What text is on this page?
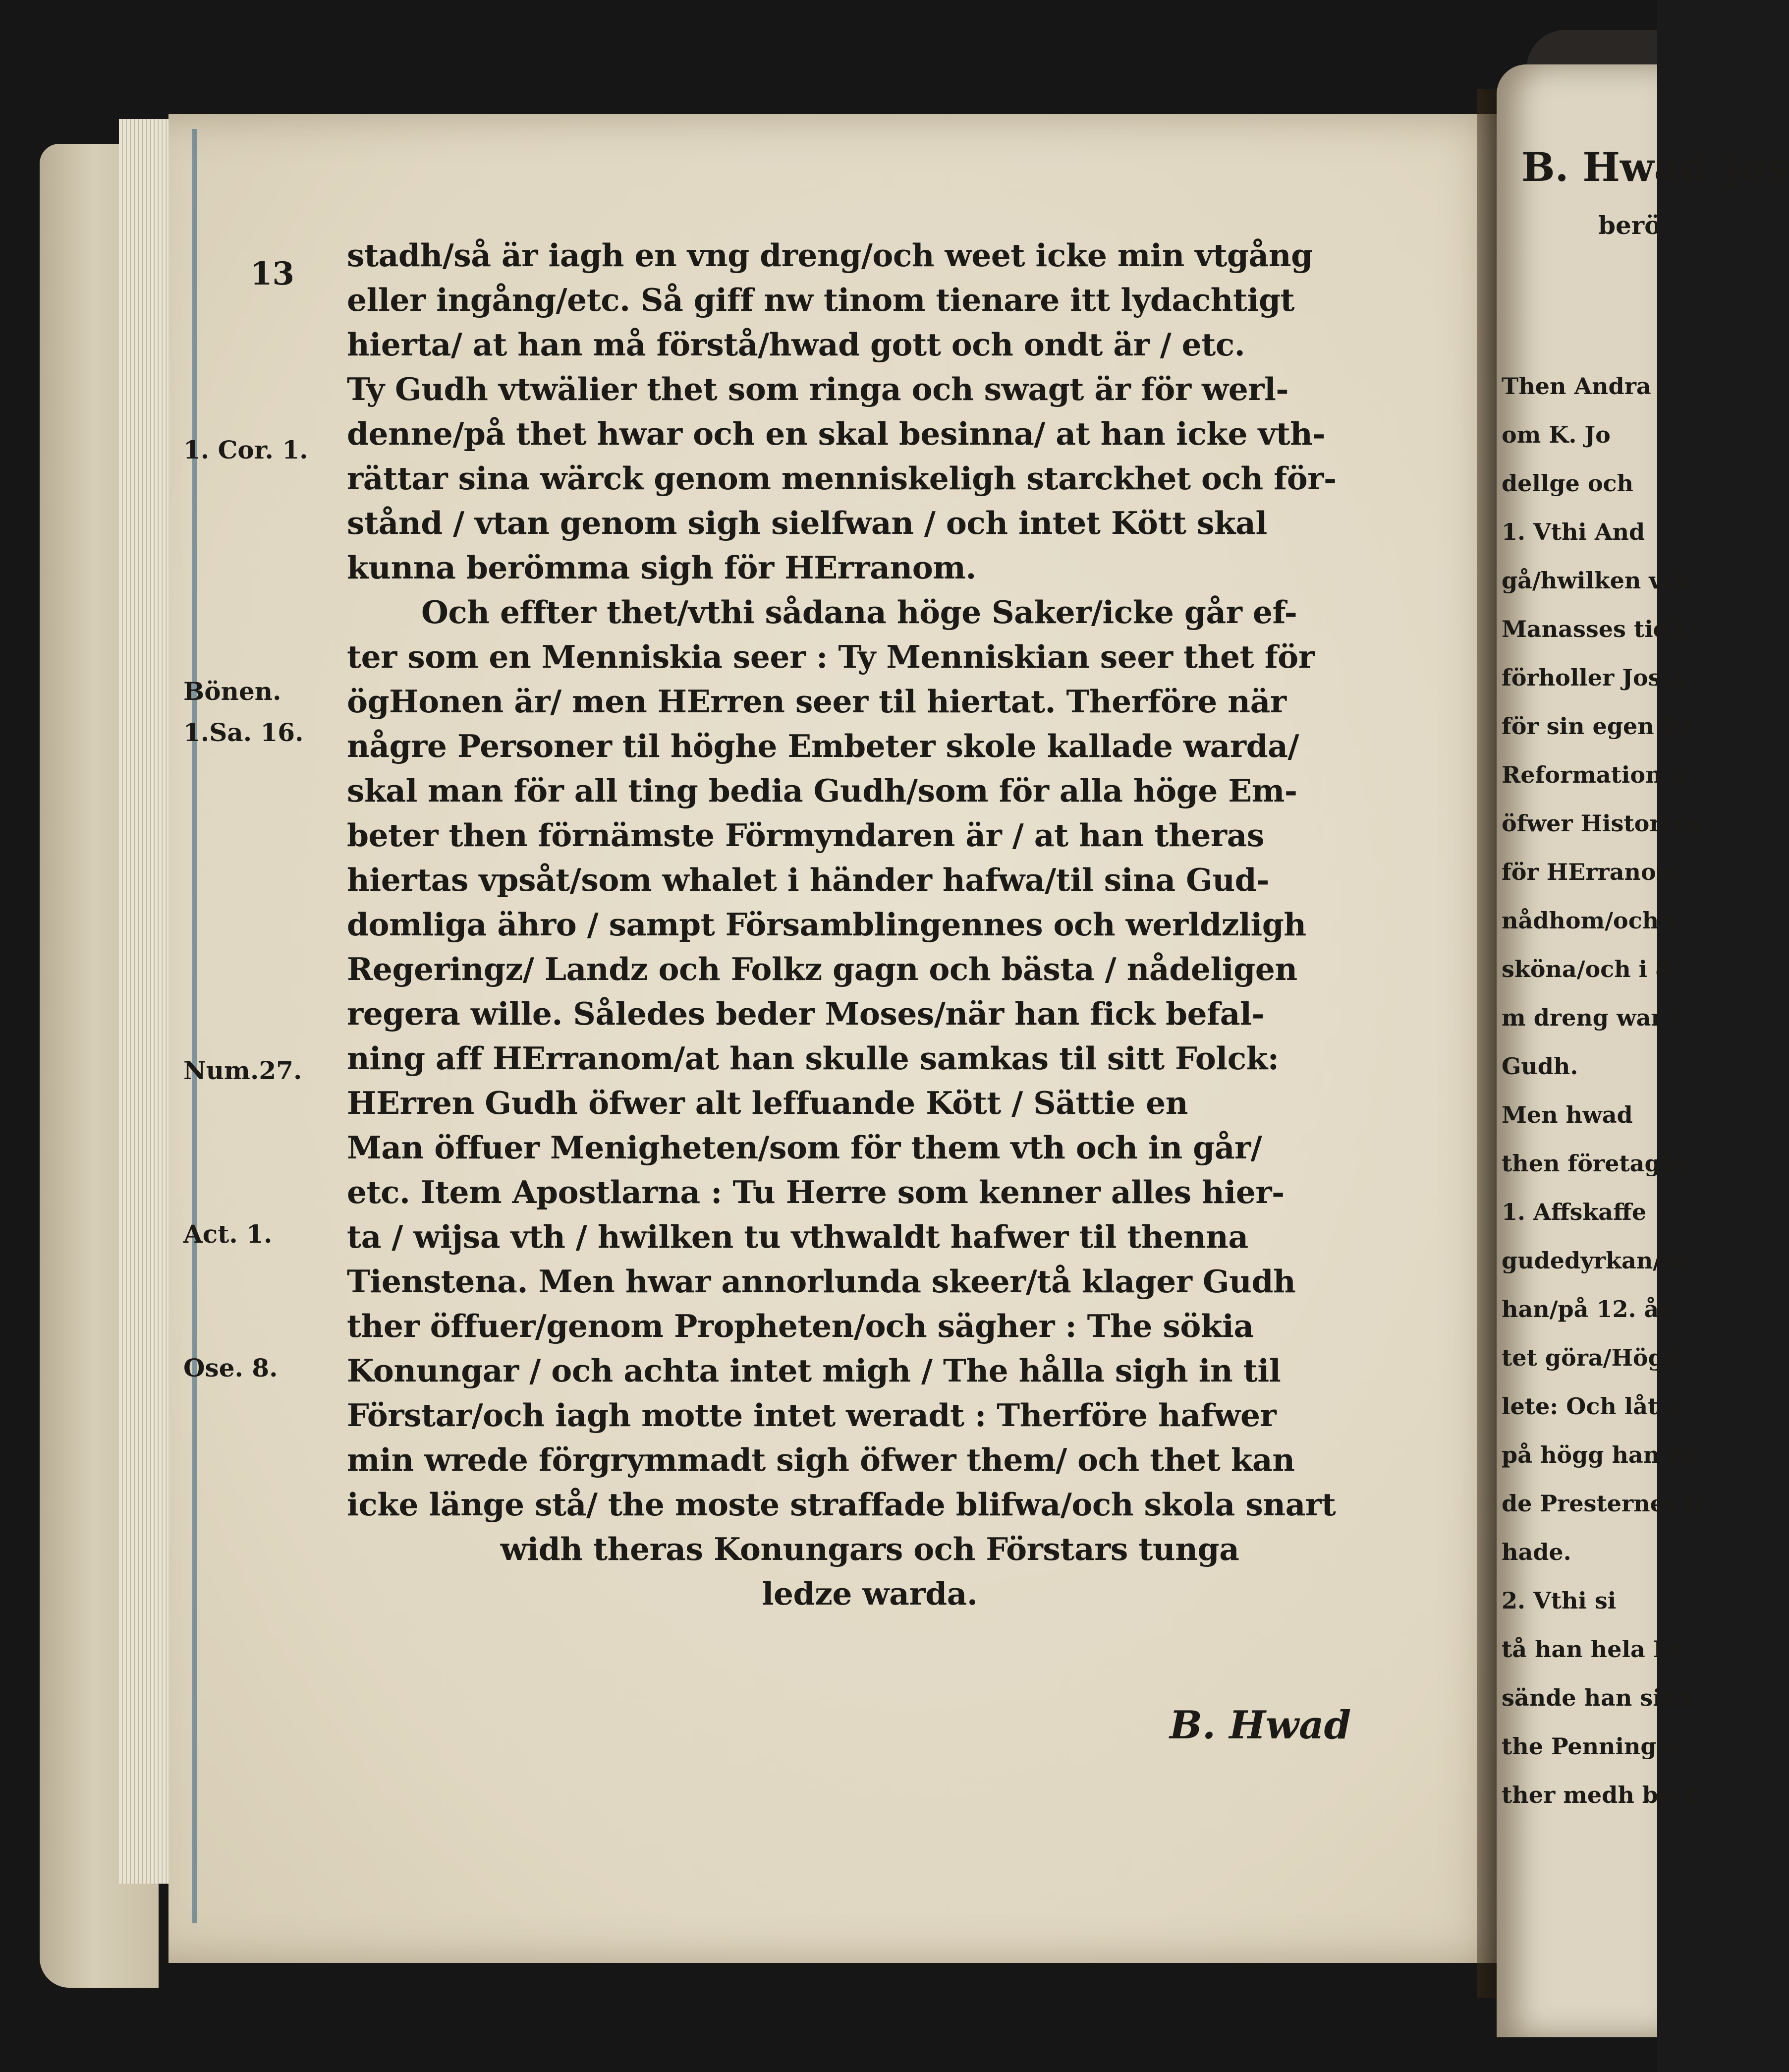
13
1. Cor. 1.
Bönen.
1.Sa. 16.
Num.27.
Act. 1.
Ose. 8.
stadh/så är iagh en vng dreng/och weet icke min vtgång
eller ingång/etc. Så giff nw tinom tienare itt lydachtigt
hierta/ at han må förstå/hwad gott och ondt är / etc.
Ty Gudh vtwälier thet som ringa och swagt är för werl-
denne/på thet hwar och en skal besinna/ at han icke vth-
rättar sina wärck genom menniskeligh starckhet och för-
stånd / vtan genom sigh sielfwan / och intet Kött skal
kunna berömma sigh för HErranom.
Och effter thet/vthi sådana höge Saker/icke går ef-
ter som en Menniskia seer : Ty Menniskian seer thet för
ögHonen är/ men HErren seer til hiertat. Therföre när
någre Personer til höghe Embeter skole kallade warda/
skal man för all ting bedia Gudh/som för alla höge Em-
beter then förnämste Förmyndaren är / at han theras
hiertas vpsåt/som whalet i händer hafwa/til sina Gud-
domliga ähro / sampt Församblingennes och werldzligh
Regeringz/ Landz och Folkz gagn och bästa / nådeligen
regera wille. Således beder Moses/när han fick befal-
ning aff HErranom/at han skulle samkas til sitt Folck:
HErren Gudh öfwer alt leffuande Kött / Sättie en
Man öffuer Menigheten/som för them vth och in går/
etc. Item Apostlarna : Tu Herre som kenner alles hier-
ta / wijsa vth / hwilken tu vthwaldt hafwer til thenna
Tienstena. Men hwar annorlunda skeer/tå klager Gudh
ther öffuer/genom Propheten/och sägher : The sökia
Konungar / och achta intet migh / The hålla sigh in til
Förstar/och iagh motte intet weradt : Therföre hafwer
min wrede förgrymmadt sigh öfwer them/ och thet kan
icke länge stå/ the moste straffade blifwa/och skola snart
widh theras Konungars och Förstars tunga
ledze warda.
B. Hwad
B. Hwad Jos
berö
Then Andra
om K. Jo
dellge och
1. Vthi And
gå/hwilken vth
Manasses tidh/
förholler Josia
för sin egen Pe
Reformation o
öfwer Historien
för HErranom
nådhom/och v
sköna/och i 8
m dreng war /
Gudh.
Men hwad
then företaghe
1. Affskaffe
gudedyrkan/so
han/på 12. åh
tet göra/Högd
lete: Och låt a
på högg han ne
de Presternes b
hade.
2. Vthi si
tå han hela La
sände han sina
the Penningar
ther medh best
